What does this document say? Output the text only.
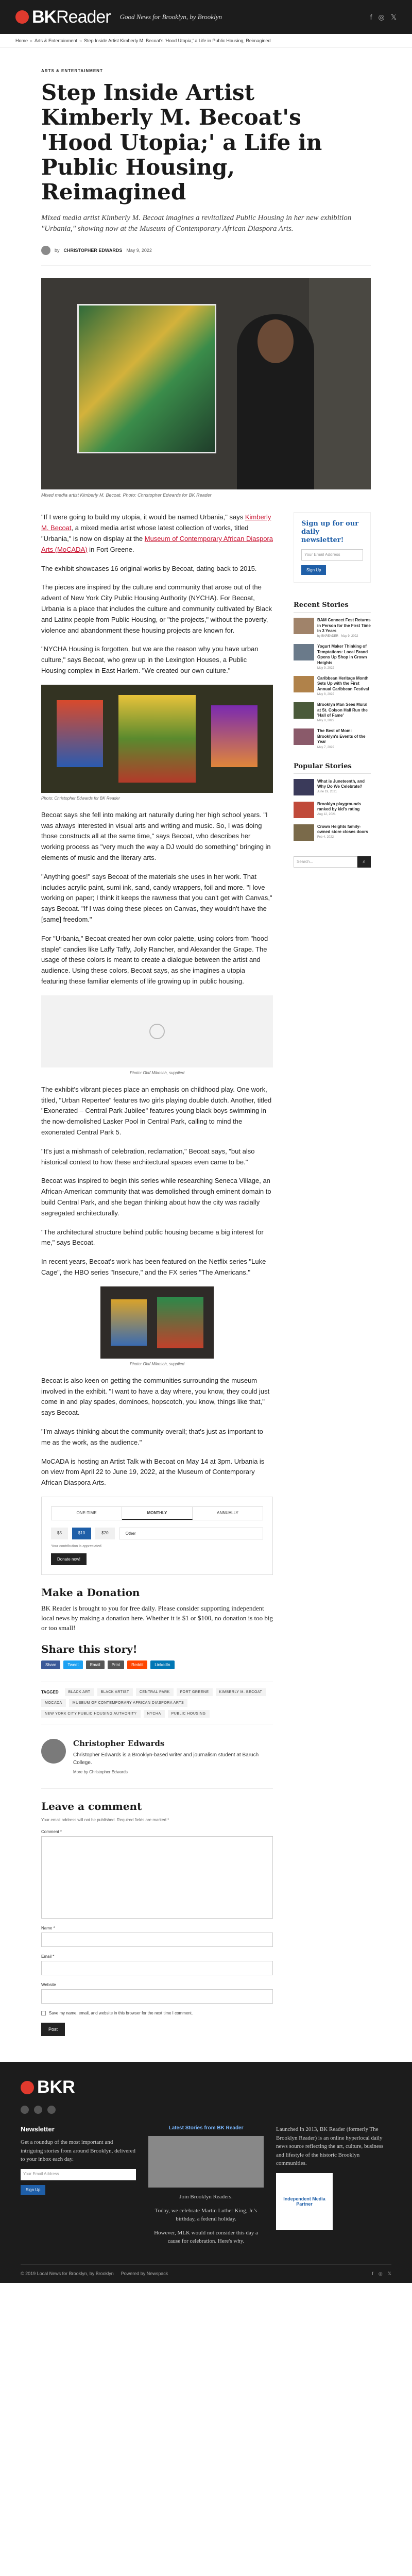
BK Reader Good News for Brooklyn, by Brooklyn	f ◎ 𝕏
Home » Arts & Entertainment » Step Inside Artist Kimberly M. Becoat's 'Hood Utopia;' a Life in Public Housing, Reimagined
ARTS & ENTERTAINMENT
Step Inside Artist Kimberly M. Becoat's 'Hood Utopia;' a Life in Public Housing, Reimagined
Mixed media artist Kimberly M. Becoat imagines a revitalized Public Housing in her new exhibition "Urbania," showing now at the Museum of Contemporary African Diaspora Arts.
by CHRISTOPHER EDWARDS May 9, 2022
Mixed media artist Kimberly M. Becoat. Photo: Christopher Edwards for BK Reader

"If I were going to build my utopia, it would be named Urbania," says Kimberly M. Becoat, a mixed media artist whose latest collection of works, titled "Urbania," is now on display at the Museum of Contemporary African Diaspora Arts (MoCADA) in Fort Greene.

The exhibit showcases 16 original works by Becoat, dating back to 2015.

The pieces are inspired by the culture and community that arose out of the advent of New York City Public Housing Authority (NYCHA). For Becoat, Urbania is a place that includes the culture and community cultivated by Black and Latinx people from Public Housing, or "the projects," without the poverty, violence and abandonment these housing projects are known for.

"NYCHA Housing is forgotten, but we are the reason why you have urban culture," says Becoat, who grew up in the Lexington Houses, a Public Housing complex in East Harlem. "We created our own culture."

Photo: Christopher Edwards for BK Reader

Becoat says she fell into making art naturally during her high school years. "I was always interested in visual arts and writing and music. So, I was doing those constructs all at the same time," says Becoat, who describes her working process as "very much the way a DJ would do something" bringing in elements of music and the literary arts.

"Anything goes!" says Becoat of the materials she uses in her work. That includes acrylic paint, sumi ink, sand, candy wrappers, foil and more. "I love working on paper; I think it keeps the rawness that you can't get with Canvas," says Becoat. "If I was doing these pieces on Canvas, they wouldn't have the [same] freedom."

For "Urbania," Becoat created her own color palette, using colors from "hood staple" candies like Laffy Taffy, Jolly Rancher, and Alexander the Grape. The usage of these colors is meant to create a dialogue between the artist and audience. Using these colors, Becoat says, as she imagines a utopia featuring these familiar elements of life growing up in public housing.

Photo: Olaf Mikosch, supplied

The exhibit's vibrant pieces place an emphasis on childhood play. One work, titled, "Urban Repertee" features two girls playing double dutch. Another, titled "Exonerated – Central Park Jubilee" features young black boys swimming in the now-demolished Lasker Pool in Central Park, calling to mind the exonerated Central Park 5.

"It's just a mishmash of celebration, reclamation," Becoat says, "but also historical context to how these architectural spaces even came to be."

Becoat was inspired to begin this series while researching Seneca Village, an African-American community that was demolished through eminent domain to build Central Park, and she began thinking about how the city was racially segregated architecturally.

"The architectural structure behind public housing became a big interest for me," says Becoat.

In recent years, Becoat's work has been featured on the Netflix series "Luke Cage", the HBO series "Insecure," and the FX series "The Americans."

Photo: Olaf Mikosch, supplied

Becoat is also keen on getting the communities surrounding the museum involved in the exhibit. "I want to have a day where, you know, they could just come in and play spades, dominoes, hopscotch, you know, things like that," says Becoat.

"I'm always thinking about the community overall; that's just as important to me as the work, as the audience."

MoCADA is hosting an Artist Talk with Becoat on May 14 at 3pm. Urbania is on view from April 22 to June 19, 2022, at the Museum of Contemporary African Diaspora Arts.

ONE-TIME	MONTHLY	ANNUALLY
$5	$10	$20	Other
Your contribution is appreciated.
Donate now!
Make a Donation
BK Reader is brought to you for free daily. Please consider supporting independent local news by making a donation here. Whether it is $1 or $100, no donation is too big or too small!
Share this story!
Share	Tweet	Email	Print	Reddit	LinkedIn
TAGGED	BLACK ART	BLACK ARTIST	CENTRAL PARK	FORT GREENE	KIMBERLY M. BECOAT
MOCADA	MUSEUM OF CONTEMPORARY AFRICAN DIASPORA ARTS
NEW YORK CITY PUBLIC HOUSING AUTHORITY	NYCHA	PUBLIC HOUSING
Christopher Edwards
Christopher Edwards is a Brooklyn-based writer and journalism student at Baruch College.
More by Christopher Edwards
Leave a comment
Your email address will not be published. Required fields are marked *
Comment *
Name *
Email *
Website
Save my name, email, and website in this browser for the next time I comment.
Post
Sign up for our daily newsletter!
Your Email Address
Sign Up
Recent Stories
BAM Connect Fest Returns in Person for the First Time in 3 Years
by BKREADER · May 9, 2022
Yogurt Maker Thinking of Temptations: Local Brand Opens Up Shop in Crown Heights
May 9, 2022
Caribbean Heritage Month Sets Up with the First Annual Caribbean Festival
May 8, 2022
Brooklyn Man Sees Mural at St. Colson Hall Run the 'Hall of Fame'
May 8, 2022
The Best of Mom: Brooklyn's Events of the Year
May 7, 2022
Popular Stories
What is Juneteenth, and Why Do We Celebrate?
June 19, 2021
Brooklyn playgrounds ranked by kid's rating
Aug 12, 2021
Crown Heights family-owned store closes doors
Feb 4, 2022
Search...	⌕
BKR
Newsletter

Get a roundup of the most important and intriguing stories from around Brooklyn, delivered to your inbox each day.

Your Email Address
Sign Up
Latest Stories from BK Reader

Join Brooklyn Readers.

Today, we celebrate Martin Luther King, Jr.'s birthday, a federal holiday.

However, MLK would not consider this day a cause for celebration. Here's why.

Launched in 2013, BK Reader (formerly The Brooklyn Reader) is an online hyperlocal daily news source reflecting the art, culture, business and lifestyle of the historic Brooklyn communities.

Independent Media Partner
© 2019 Local News for Brooklyn, by Brooklyn Powered by Newspack	f ◎ 𝕏
